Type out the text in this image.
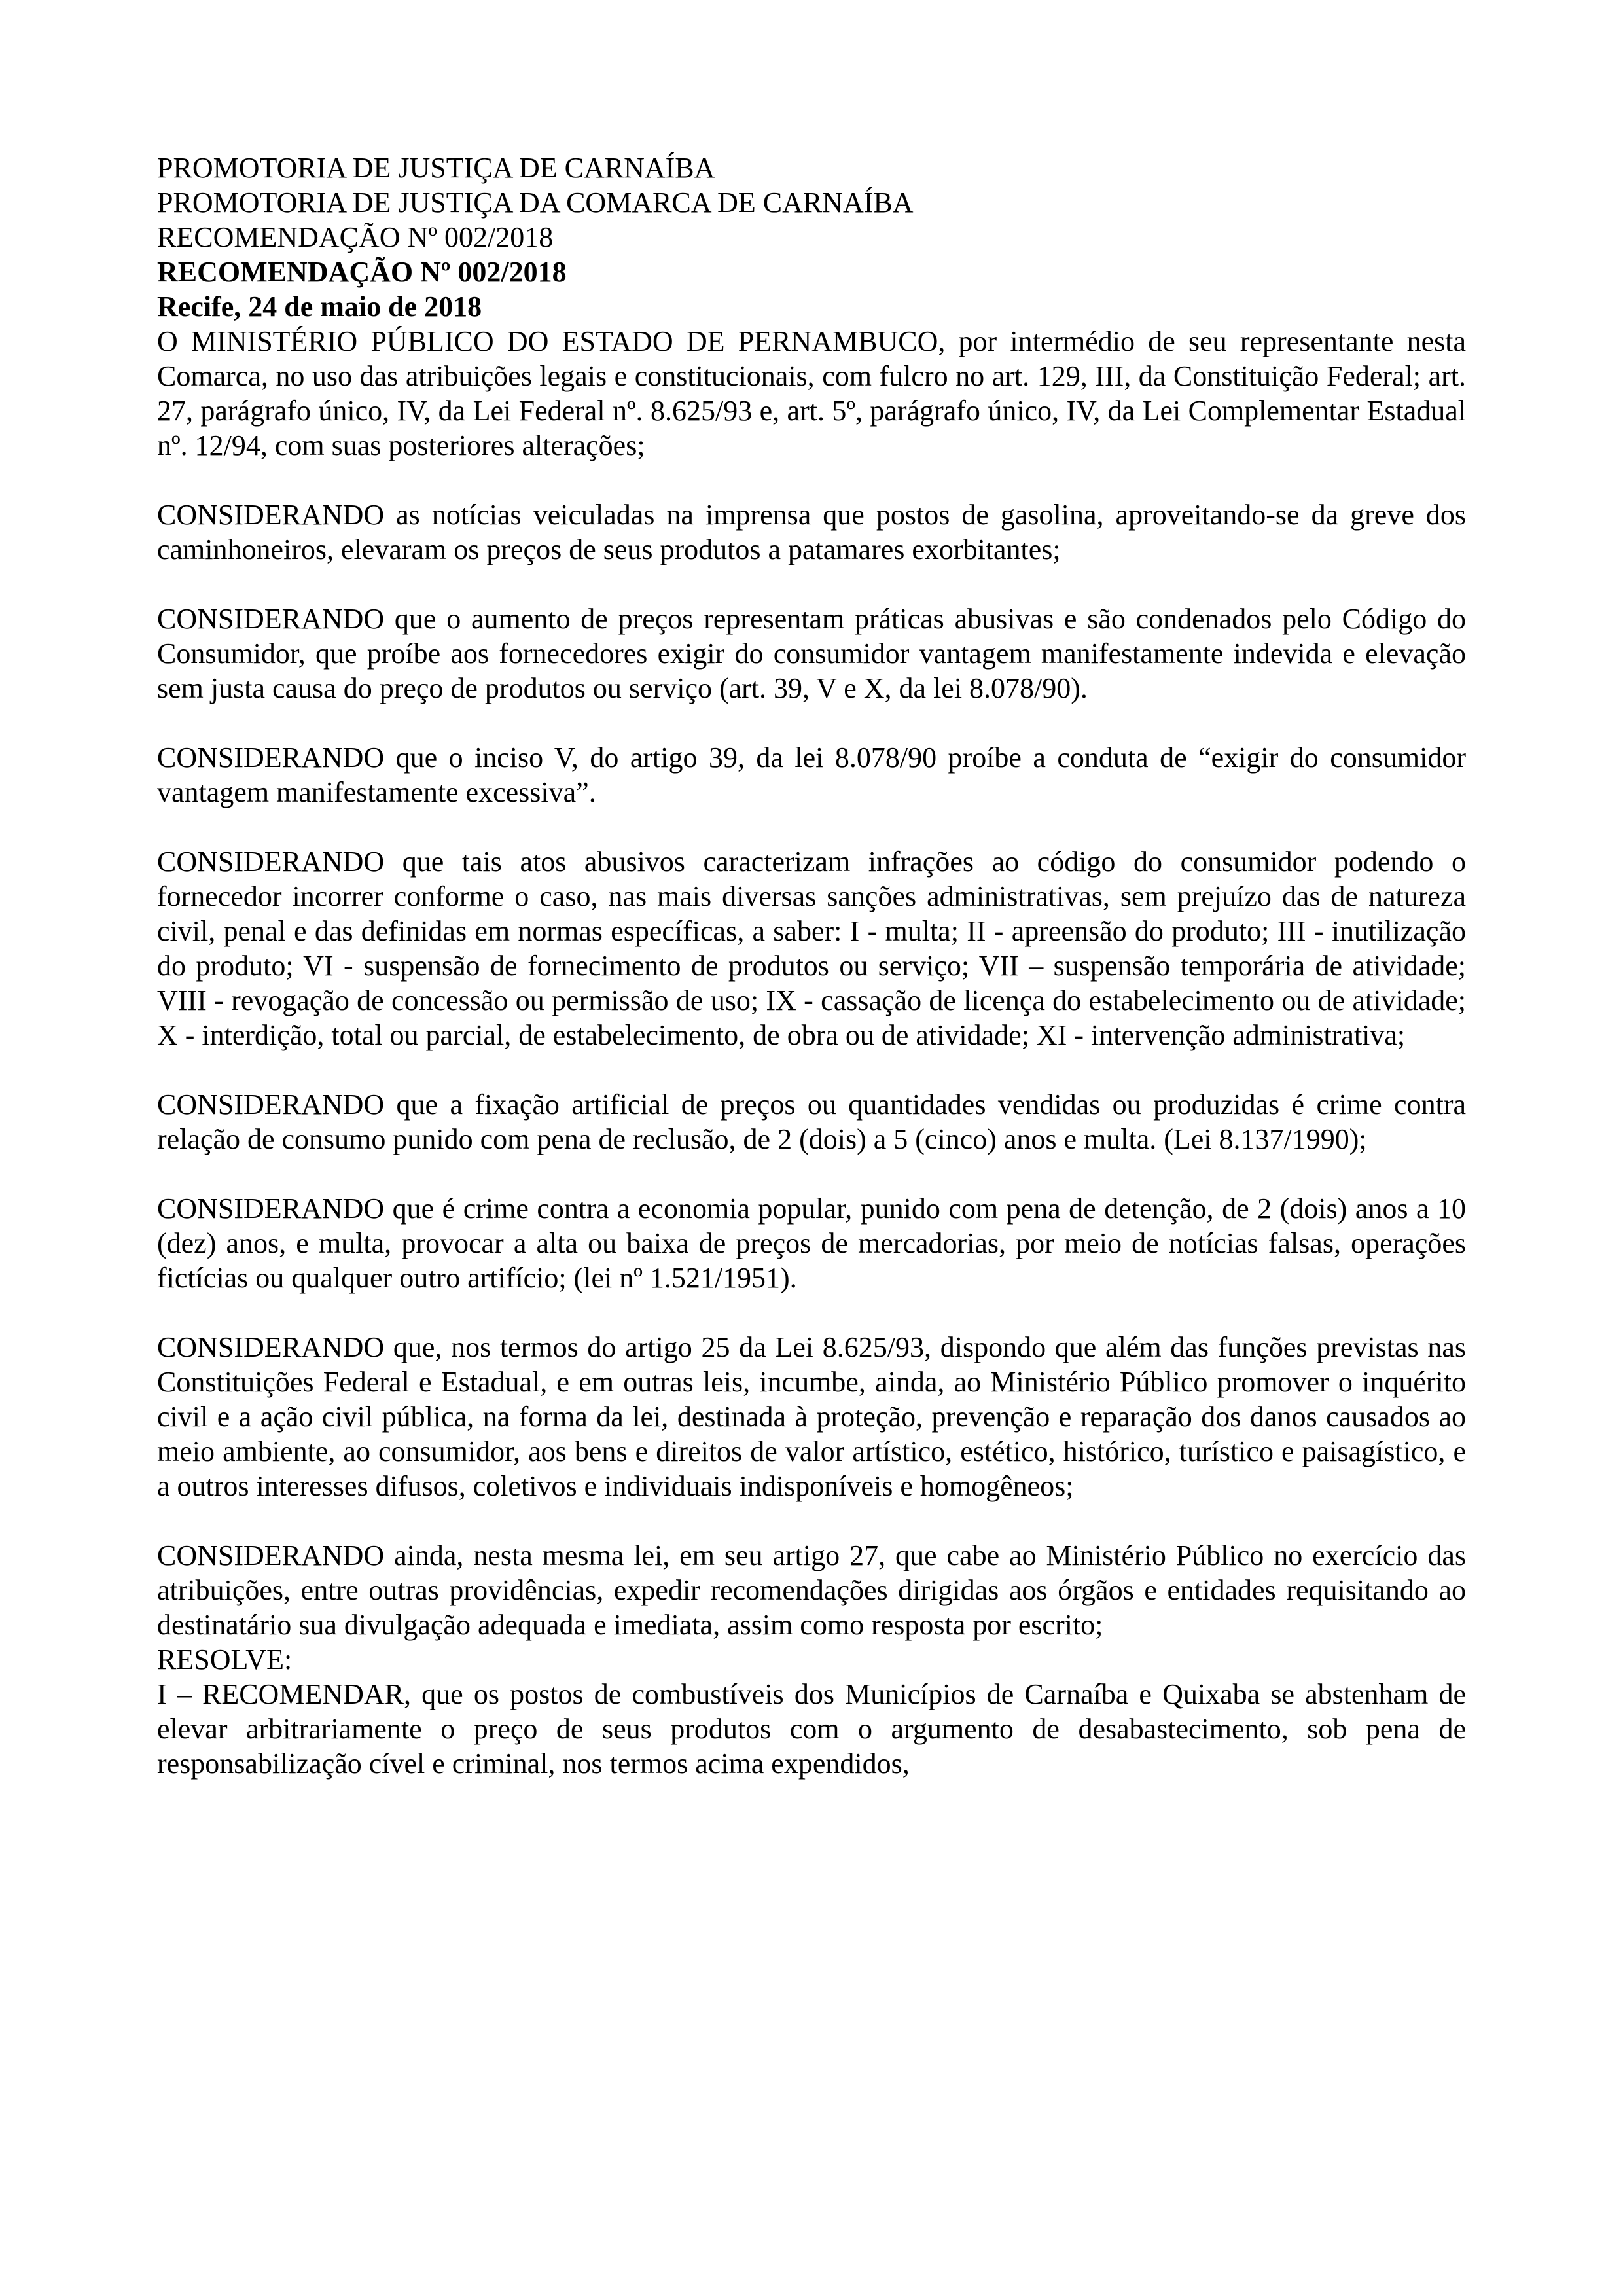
PROMOTORIA DE JUSTIÇA DE CARNAÍBA
PROMOTORIA DE JUSTIÇA DA COMARCA DE CARNAÍBA
RECOMENDAÇÃO Nº 002/2018
RECOMENDAÇÃO Nº 002/2018
Recife, 24 de maio de 2018

O MINISTÉRIO PÚBLICO DO ESTADO DE PERNAMBUCO, por intermédio de seu representante nesta Comarca, no uso das atribuições legais e constitucionais, com fulcro no art. 129, III, da Constituição Federal; art. 27, parágrafo único, IV, da Lei Federal nº. 8.625/93 e, art. 5º, parágrafo único, IV, da Lei Complementar Estadual nº. 12/94, com suas posteriores alterações;

CONSIDERANDO as notícias veiculadas na imprensa que postos de gasolina, aproveitando-se da greve dos caminhoneiros, elevaram os preços de seus produtos a patamares exorbitantes;

CONSIDERANDO que o aumento de preços representam práticas abusivas e são condenados pelo Código do Consumidor, que proíbe aos fornecedores exigir do consumidor vantagem manifestamente indevida e elevação sem justa causa do preço de produtos ou serviço (art. 39, V e X, da lei 8.078/90).

CONSIDERANDO que o inciso V, do artigo 39, da lei 8.078/90 proíbe a conduta de “exigir do consumidor vantagem manifestamente excessiva”.

CONSIDERANDO que tais atos abusivos caracterizam infrações ao código do consumidor podendo o fornecedor incorrer conforme o caso, nas mais diversas sanções administrativas, sem prejuízo das de natureza civil, penal e das definidas em normas específicas, a saber: I - multa; II - apreensão do produto; III - inutilização do produto; VI - suspensão de fornecimento de produtos ou serviço; VII – suspensão temporária de atividade; VIII - revogação de concessão ou permissão de uso; IX - cassação de licença do estabelecimento ou de atividade; X - interdição, total ou parcial, de estabelecimento, de obra ou de atividade; XI - intervenção administrativa;

CONSIDERANDO que a fixação artificial de preços ou quantidades vendidas ou produzidas é crime contra relação de consumo punido com pena de reclusão, de 2 (dois) a 5 (cinco) anos e multa. (Lei 8.137/1990);

CONSIDERANDO que é crime contra a economia popular, punido com pena de detenção, de 2 (dois) anos a 10 (dez) anos, e multa, provocar a alta ou baixa de preços de mercadorias, por meio de notícias falsas, operações fictícias ou qualquer outro artifício; (lei nº 1.521/1951).

CONSIDERANDO que, nos termos do artigo 25 da Lei 8.625/93, dispondo que além das funções previstas nas Constituições Federal e Estadual, e em outras leis, incumbe, ainda, ao Ministério Público promover o inquérito civil e a ação civil pública, na forma da lei, destinada à proteção, prevenção e reparação dos danos causados ao meio ambiente, ao consumidor, aos bens e direitos de valor artístico, estético, histórico, turístico e paisagístico, e a outros interesses difusos, coletivos e individuais indisponíveis e homogêneos;

CONSIDERANDO ainda, nesta mesma lei, em seu artigo 27, que cabe ao Ministério Público no exercício das atribuições, entre outras providências, expedir recomendações dirigidas aos órgãos e entidades requisitando ao destinatário sua divulgação adequada e imediata, assim como resposta por escrito;

RESOLVE:

I – RECOMENDAR, que os postos de combustíveis dos Municípios de Carnaíba e Quixaba se abstenham de elevar arbitrariamente o preço de seus produtos com o argumento de desabastecimento, sob pena de responsabilização cível e criminal, nos termos acima expendidos,
